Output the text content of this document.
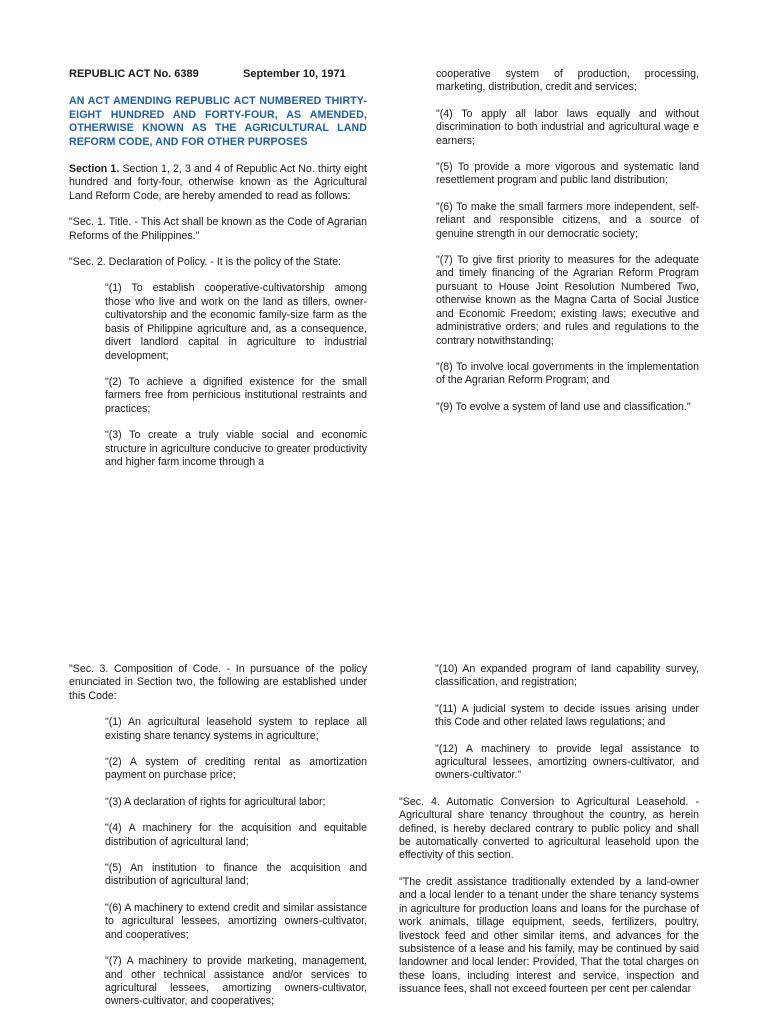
REPUBLIC ACT No. 6389	September 10, 1971
AN ACT AMENDING REPUBLIC ACT NUMBERED THIRTY-EIGHT HUNDRED AND FORTY-FOUR, AS AMENDED, OTHERWISE KNOWN AS THE AGRICULTURAL LAND REFORM CODE, AND FOR OTHER PURPOSES

Section 1. Section 1, 2, 3 and 4 of Republic Act No. thirty eight hundred and forty-four, otherwise known as the Agricultural Land Reform Code, are hereby amended to read as follows:

"Sec. 1. Title. - This Act shall be known as the Code of Agrarian Reforms of the Philippines."

"Sec. 2. Declaration of Policy. - It is the policy of the State:

"(1) To establish cooperative-cultivatorship among those who live and work on the land as tillers, owner-cultivatorship and the economic family-size farm as the basis of Philippine agriculture and, as a consequence, divert landlord capital in agriculture to industrial development;

"(2) To achieve a dignified existence for the small farmers free from pernicious institutional restraints and practices;

"(3) To create a truly viable social and economic structure in agriculture conducive to greater productivity and higher farm income through a

cooperative system of production, processing, marketing, distribution, credit and services;

"(4) To apply all labor laws equally and without discrimination to both industrial and agricultural wage e earners;

"(5) To provide a more vigorous and systematic land resettlement program and public land distribution;

"(6) To make the small farmers more independent, self-reliant and responsible citizens, and a source of genuine strength in our democratic society;

"(7) To give first priority to measures for the adequate and timely financing of the Agrarian Reform Program pursuant to House Joint Resolution Numbered Two, otherwise known as the Magna Carta of Social Justice and Economic Freedom; existing laws; executive and administrative orders; and rules and regulations to the contrary notwithstanding;

"(8) To involve local governments in the implementation of the Agrarian Reform Program; and

"(9) To evolve a system of land use and classification."

"Sec. 3. Composition of Code. - In pursuance of the policy enunciated in Section two, the following are established under this Code:

"(1) An agricultural leasehold system to replace all existing share tenancy systems in agriculture;

"(2) A system of crediting rental as amortization payment on purchase price;

"(3) A declaration of rights for agricultural labor;

"(4) A machinery for the acquisition and equitable distribution of agricultural land;

"(5) An institution to finance the acquisition and distribution of agricultural land;

"(6) A machinery to extend credit and similar assistance to agricultural lessees, amortizing owners-cultivator, and cooperatives;

"(7) A machinery to provide marketing, management, and other technical assistance and/or services to agricultural lessees, amortizing owners-cultivator, owners-cultivator, and cooperatives;

"(10) An expanded program of land capability survey, classification, and registration;

"(11) A judicial system to decide issues arising under this Code and other related laws regulations; and

"(12) A machinery to provide legal assistance to agricultural lessees, amortizing owners-cultivator, and owners-cultivator."

"Sec. 4. Automatic Conversion to Agricultural Leasehold. - Agricultural share tenancy throughout the country, as herein defined, is hereby declared contrary to public policy and shall be automatically converted to agricultural leasehold upon the effectivity of this section.

"The credit assistance traditionally extended by a land-owner and a local lender to a tenant under the share tenancy systems in agriculture for production loans and loans for the purchase of work animals, tillage equipment, seeds, fertilizers, poultry, livestock feed and other similar items, and advances for the subsistence of a lease and his family, may be continued by said landowner and local lender: Provided, That the total charges on these loans, including interest and service, inspection and issuance fees, shall not exceed fourteen per cent per calendar
